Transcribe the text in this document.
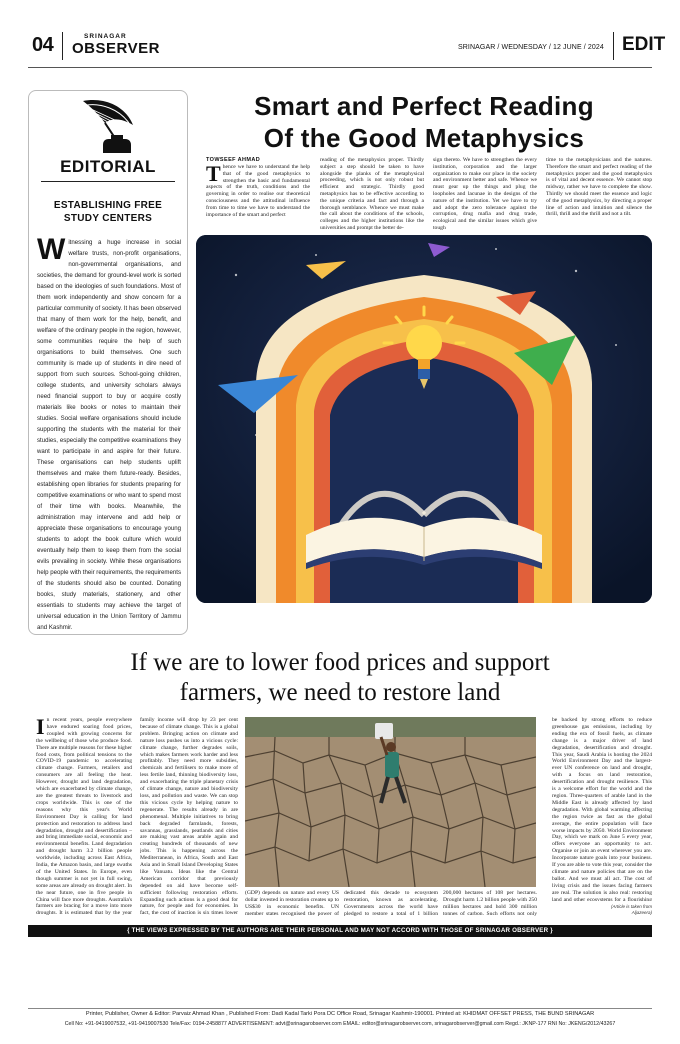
04	SRINAGAR
OBSERVER	SRINAGAR / WEDNESDAY / 12 JUNE / 2024 EDIT
EDITORIAL
ESTABLISHING FREE STUDY CENTERS
Witnessing a huge increase in social welfare trusts, non-profit organisations, non-governmental organisations, and societies, the demand for ground-level work is sorted based on the ideologies of such foundations. Most of them work independently and show concern for a particular community of society. It has been observed that many of them work for the help, benefit, and welfare of the ordinary people in the region, however, some communities require the help of such organisations to build themselves. One such community is made up of students in dire need of support from such sources. School-going children, college students, and university scholars always need financial support to buy or acquire costly materials like books or notes to maintain their studies. Social welfare organisations should include supporting the students with the material for their studies, especially the competitive examinations they want to participate in and aspire for their future. These organisations can help students uplift themselves and make them future-ready. Besides, establishing open libraries for students preparing for competitive examinations or who want to spend most of their time with books. Meanwhile, the administration may intervene and add help or appreciate these organisations to encourage young students to adopt the book culture which would eventually help them to keep them from the social evils prevailing in society. While these organisations help people with their requirements, the requirements of the students should also be counted. Donating books, study materials, stationery, and other essentials to students may achieve the target of universal education in the Union Territory of Jammu and Kashmir.
Smart and Perfect Reading
Of the Good Metaphysics
TOWSEEF AHMAD
Thence we have to understand the help that of the good metaphysics to strengthen the basic and fundamental aspects of the truth, conditions and the governing in order to realise our theoretical consciousness and the attitudinal influence from time to time we have to understand the importance of the smart and perfect
reading of the metaphysics proper. Thirdly subject a step should be taken to have alongside the planks of the metaphysical proceeding, which is not only robust but efficient and strategic. Thirdly good metaphysics has to be effective according to the unique criteria and fact and through a thorough semblance. Whence we must make the call about the conditions of the schools, colleges and the higher institutions like the universities and prompt the better de-
sign thereto. We have to strengthen the every institution, corporation and the larger organization to make our place in the society and environment better and safe. Whence we must gear up the things and plug the loopholes and lacunae in the designs of the nature of the institution. Yet we have to try and adopt the zero tolerance against the corruption, drug mafia and drug trade, ecological and the similar issues which give tough
time to the metaphysicians and the natures. Therefore the smart and perfect reading of the metaphysics proper and the good metaphysics is of vital and decent essence. We cannot stop midway, rather we have to complete the show. Thirdly we should meet the essence and logic of the good metaphysics, by directing a proper line of action and intuition and silence the thrill, thrill and the thrill and not a tilt.
If we are to lower food prices and support
farmers, we need to restore land
In recent years, people everywhere have endured soaring food prices, coupled with growing concerns for the wellbeing of those who produce food. There are multiple reasons for these higher food costs, from political tensions to the COVID-19 pandemic to accelerating climate change. Farmers, retailers and consumers are all feeling the heat. However, drought and land degradation, which are exacerbated by climate change, are the greatest threats to livestock and crops worldwide. This is one of the reasons why this year's World Environment Day is calling for land protection and restoration to address land degradation, drought and desertification – and bring immediate social, economic and environmental benefits. Land degradation and drought harm 3.2 billion people worldwide, including across East Africa, India, the Amazon basin, and large swaths of the United States. In Europe, even though summer is not yet in full swing, some areas are already on drought alert. In the near future, one in five people in China will face more droughts. Australia's farmers are bracing for a move into more droughts. It is estimated that by the year
family income will drop by 23 per cent because of climate change. This is a global problem. Bringing action on climate and nature loss pushes us into a vicious cycle: climate change, further degrades soils, which makes farmers work harder and less profitably. They need more subsidies, chemicals and fertilisers to make more of less fertile land, thinning biodiversity loss, and exacerbating the triple planetary crisis of climate change, nature and biodiversity loss, and pollution and waste. We can stop this vicious cycle by helping nature to regenerate. The results already in are phenomenal. Multiple initiatives to bring back degraded farmlands, forests, savannas, grasslands, peatlands and cities are making vast areas arable again and creating hundreds of thousands of new jobs. This is happening across the Mediterranean, in Africa, South and East Asia and in Small Island Developing States like Vanuatu. Ideas like the Central American corridor that previously depended on aid have become self-sufficient following restoration efforts. Expanding such actions is a good deal for nature, for people and for economies. In fact, the cost of inaction is six times lower
(GDP) depends on nature and every US dollar invested in restoration creates up to US$30 in economic benefits. UN member states recognised the power of
dedicated this decade to ecosystem restoration, known as accelerating. Governments across the world have pledged to restore a total of 1 billion
200,000 hectares of 108 per hectares. Drought harm 1.2 billion people with 250 million hectares and hold 300 million tonnes of carbon. Such efforts not only
be backed by strong efforts to reduce greenhouse gas emissions, including by ending the era of fossil fuels, as climate change is a major driver of land degradation, desertification and drought. This year, Saudi Arabia is hosting the 2024 World Environment Day and the largest-ever UN conference on land and drought, with a focus on land restoration, desertification and drought resilience. This is a welcome effort for the world and the region. Three-quarters of arable land in the Middle East is already affected by land degradation. With global warming affecting the region twice as fast as the global average, the entire population will face worse impacts by 2050. World Environment Day, which we mark on June 5 every year, offers everyone an opportunity to act. Organise or join an event wherever you are. Incorporate nature goals into your business. If you are able to vote this year, consider the climate and nature policies that are on the ballot. And we must all act. The cost of living crisis and the issues facing farmers are real. The solution is also real: restoring land and other ecosystems for a flourishing
(Article is taken from Aljazeera)
{ THE VIEWS EXPRESSED BY THE AUTHORS ARE THEIR PERSONAL AND MAY NOT ACCORD WITH THOSE OF SRINAGAR OBSERVER }
Printer, Publisher, Owner & Editor: Parvaiz Ahmad Khan , Published From: Dadi Kadal Tarki Pora DC Office Road, Srinagar Kashmir-190001. Printed at: KHIDMAT OFFSET PRESS, THE BUND SRINAGAR
Cell No: +91-9419007532, +91-9419007530 Tele/Fax: 0194-2458877 ADVERTISEMENT: advt@srinagarobserver.com EMAIL: editor@srinagarobserver.com, srinagarobserver@gmail.com Regd.: JKNP-177 RNI No: JKENG/2012/43267
